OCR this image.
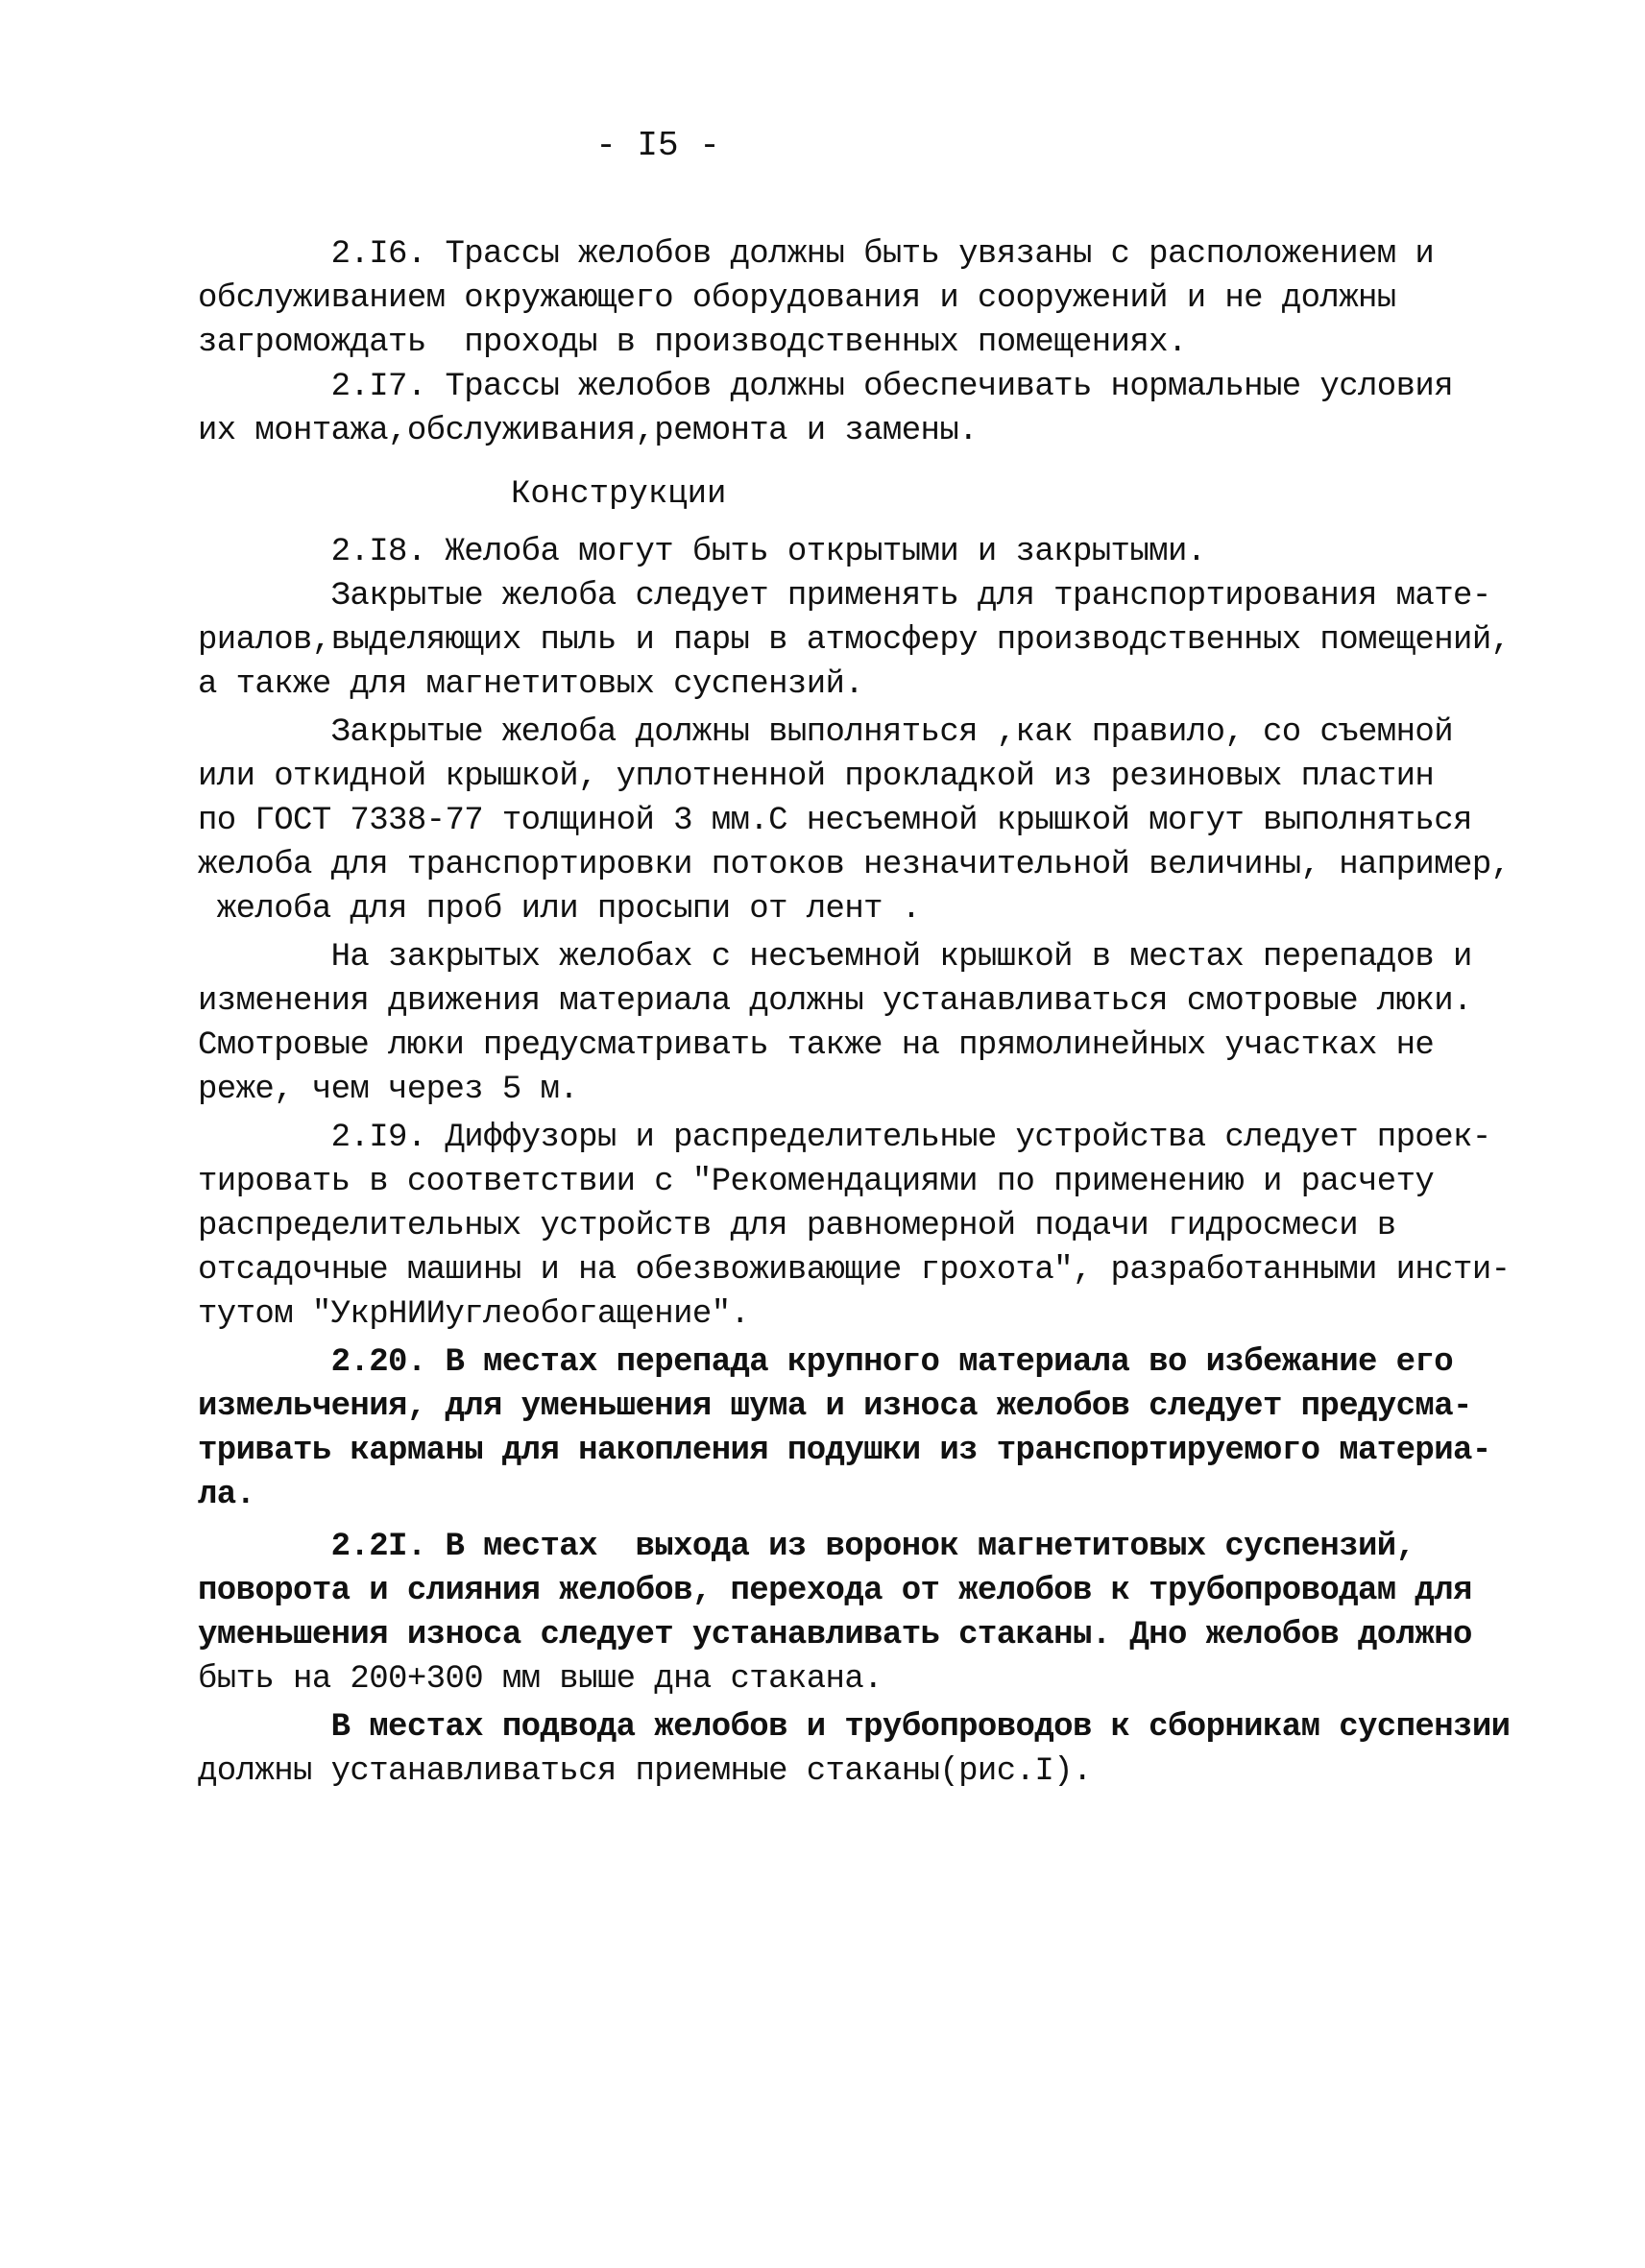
- I5 -
2.I6. Трассы желобов должны быть увязаны с расположением и
обслуживанием окружающего оборудования и сооружений и не должны
загромождать  проходы в производственных помещениях.
2.I7. Трассы желобов должны обеспечивать нормальные условия
их монтажа,обслуживания,ремонта и замены.
Конструкции
2.I8. Желоба могут быть открытыми и закрытыми.
Закрытые желоба следует применять для транспортирования мате-
риалов,выделяющих пыль и пары в атмосферу производственных помещений,
а также для магнетитовых суспензий.
Закрытые желоба должны выполняться ,как правило, со съемной
или откидной крышкой, уплотненной прокладкой из резиновых пластин
по ГОСТ 7338-77 толщиной 3 мм.С несъемной крышкой могут выполняться
желоба для транспортировки потоков незначительной величины, например,
желоба для проб или просыпи от лент .
На закрытых желобах с несъемной крышкой в местах перепадов и
изменения движения материала должны устанавливаться смотровые люки.
Смотровые люки предусматривать также на прямолинейных участках не
реже, чем через 5 м.
2.I9. Диффузоры и распределительные устройства следует проек-
тировать в соответствии с "Рекомендациями по применению и расчету
распределительных устройств для равномерной подачи гидросмеси в
отсадочные машины и на обезвоживающие грохота", разработанными инсти-
тутом "УкрНИИуглеобогащение".
2.20. В местах перепада крупного материала во избежание его
измельчения, для уменьшения шума и износа желобов следует предусма-
тривать карманы для накопления подушки из транспортируемого материа-
ла.
2.2I. В местах  выхода из воронок магнетитовых суспензий,
поворота и слияния желобов, перехода от желобов к трубопроводам для
уменьшения износа следует устанавливать стаканы. Дно желобов должно
быть на 200+300 мм выше дна стакана.
В местах подвода желобов и трубопроводов к сборникам суспензии
должны устанавливаться приемные стаканы(рис.I).
